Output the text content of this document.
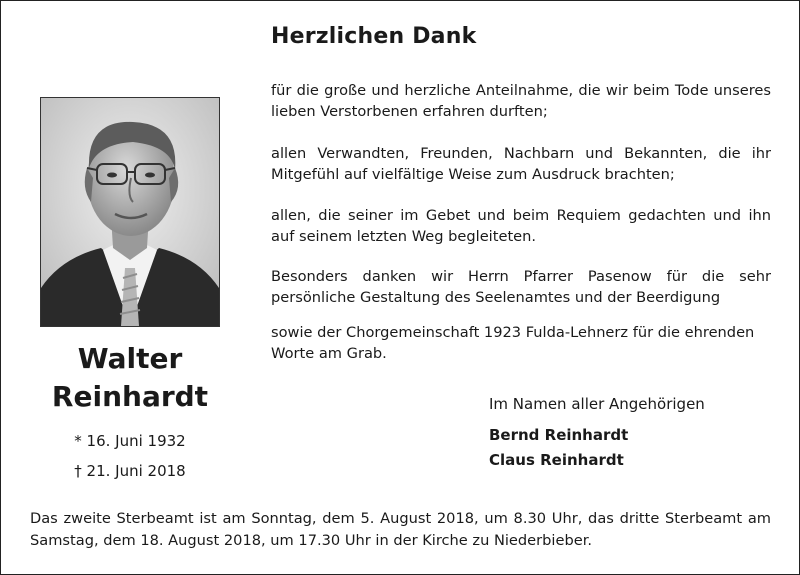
Herzlichen Dank
für die große und herzliche Anteilnahme, die wir beim Tode unseres lieben Verstorbenen erfahren durften;
allen Verwandten, Freunden, Nachbarn und Bekannten, die ihr Mitgefühl auf vielfältige Weise zum Ausdruck brachten;
allen, die seiner im Gebet und beim Requiem gedachten und ihn auf seinem letzten Weg begleiteten.
Besonders danken wir Herrn Pfarrer Pasenow für die sehr persönliche Gestaltung des Seelenamtes und der Beerdigung
sowie der Chorgemeinschaft 1923 Fulda-Lehnerz für die ehrenden Worte am Grab.
Walter
Reinhardt
* 16. Juni 1932
† 21. Juni 2018
Im Namen aller Angehörigen
Bernd Reinhardt
Claus Reinhardt
Das zweite Sterbeamt ist am Sonntag, dem 5. August 2018, um 8.30 Uhr, das dritte Sterbeamt am Samstag, dem 18. August 2018, um 17.30 Uhr in der Kirche zu Niederbieber.
